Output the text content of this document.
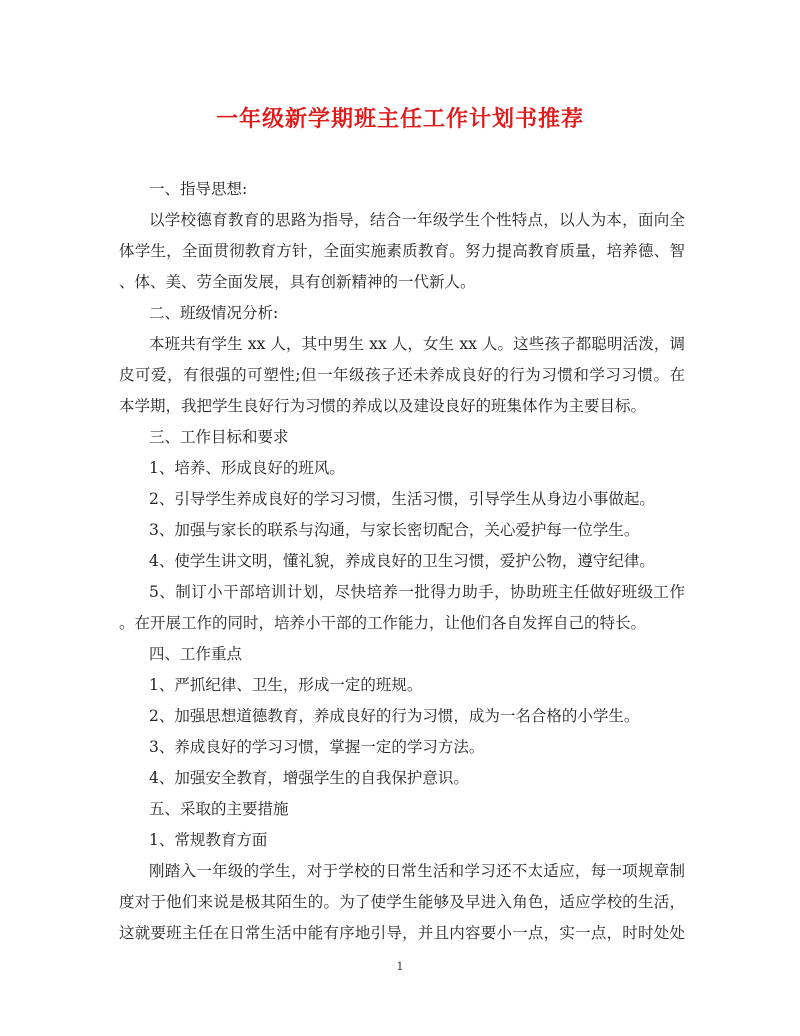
一年级新学期班主任工作计划书推荐
一、指导思想:
以学校德育教育的思路为指导，结合一年级学生个性特点，以人为本，面向全
体学生，全面贯彻教育方针，全面实施素质教育。努力提高教育质量，培养德、智
、体、美、劳全面发展，具有创新精神的一代新人。
二、班级情况分析:
本班共有学生 xx 人，其中男生 xx 人，女生 xx 人。这些孩子都聪明活泼，调
皮可爱，有很强的可塑性;但一年级孩子还未养成良好的行为习惯和学习习惯。在
本学期，我把学生良好行为习惯的养成以及建设良好的班集体作为主要目标。
三、工作目标和要求
1、培养、形成良好的班风。
2、引导学生养成良好的学习习惯，生活习惯，引导学生从身边小事做起。
3、加强与家长的联系与沟通，与家长密切配合，关心爱护每一位学生。
4、使学生讲文明，懂礼貌，养成良好的卫生习惯，爱护公物，遵守纪律。
5、制订小干部培训计划，尽快培养一批得力助手，协助班主任做好班级工作
。在开展工作的同时，培养小干部的工作能力，让他们各自发挥自己的特长。
四、工作重点
1、严抓纪律、卫生，形成一定的班规。
2、加强思想道德教育，养成良好的行为习惯，成为一名合格的小学生。
3、养成良好的学习习惯，掌握一定的学习方法。
4、加强安全教育，增强学生的自我保护意识。
五、采取的主要措施
1、常规教育方面
刚踏入一年级的学生，对于学校的日常生活和学习还不太适应，每一项规章制
度对于他们来说是极其陌生的。为了使学生能够及早进入角色，适应学校的生活，
这就要班主任在日常生活中能有序地引导，并且内容要小一点，实一点，时时处处
1
